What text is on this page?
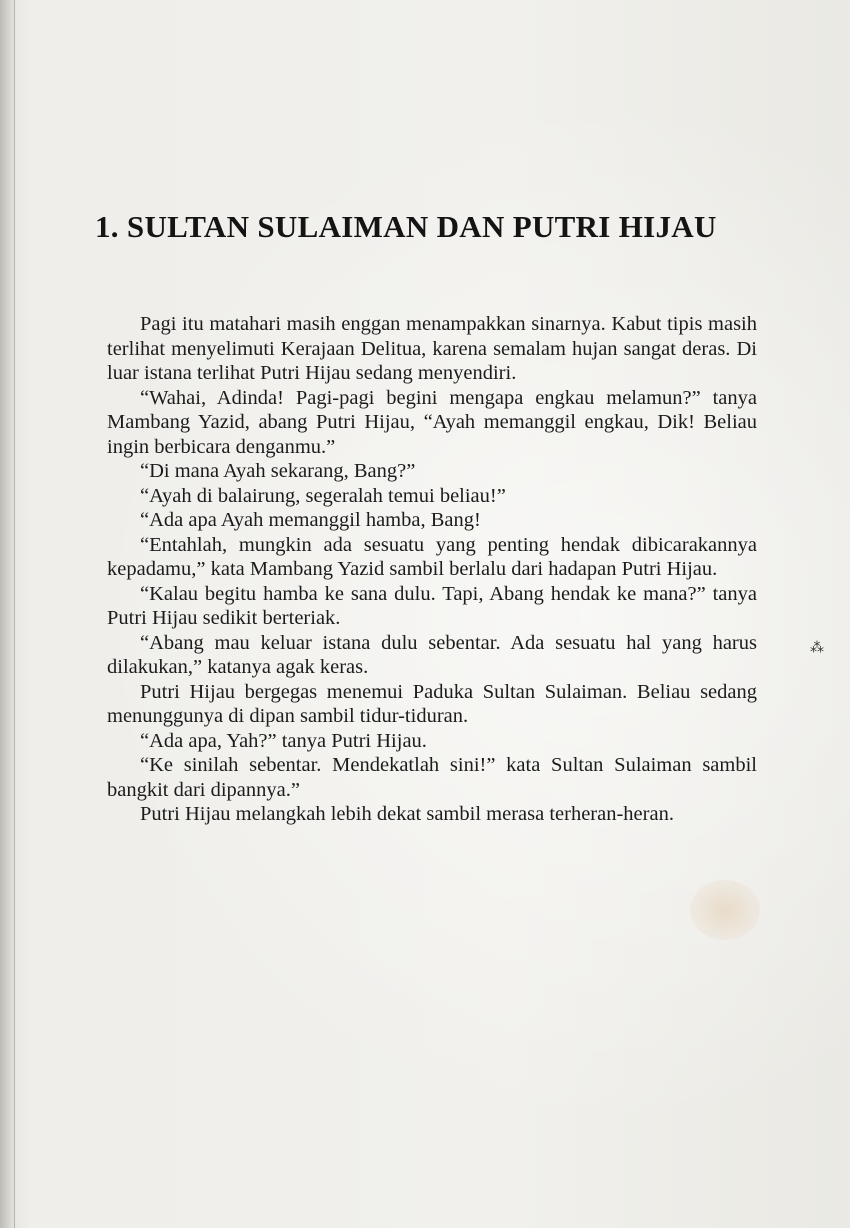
⁂
1. SULTAN SULAIMAN DAN PUTRI HIJAU

Pagi itu matahari masih enggan menampakkan sinarnya. Kabut tipis masih terlihat menyelimuti Kerajaan Delitua, karena semalam hujan sangat deras. Di luar istana terlihat Putri Hijau sedang menyendiri.

“Wahai, Adinda! Pagi-pagi begini mengapa engkau melamun?” tanya Mambang Yazid, abang Putri Hijau, “Ayah memanggil engkau, Dik! Beliau ingin berbicara denganmu.”

“Di mana Ayah sekarang, Bang?”

“Ayah di balairung, segeralah temui beliau!”

“Ada apa Ayah memanggil hamba, Bang!

“Entahlah, mungkin ada sesuatu yang penting hendak dibicarakannya kepadamu,” kata Mambang Yazid sambil berlalu dari hadapan Putri Hijau.

“Kalau begitu hamba ke sana dulu. Tapi, Abang hendak ke mana?” tanya Putri Hijau sedikit berteriak.

“Abang mau keluar istana dulu sebentar. Ada sesuatu hal yang harus dilakukan,” katanya agak keras.

Putri Hijau bergegas menemui Paduka Sultan Sulaiman. Beliau sedang menunggunya di dipan sambil tidur-tiduran.

“Ada apa, Yah?” tanya Putri Hijau.

“Ke sinilah sebentar. Mendekatlah sini!” kata Sultan Sulaiman sambil bangkit dari dipannya.”

Putri Hijau melangkah lebih dekat sambil merasa terheran-heran.
